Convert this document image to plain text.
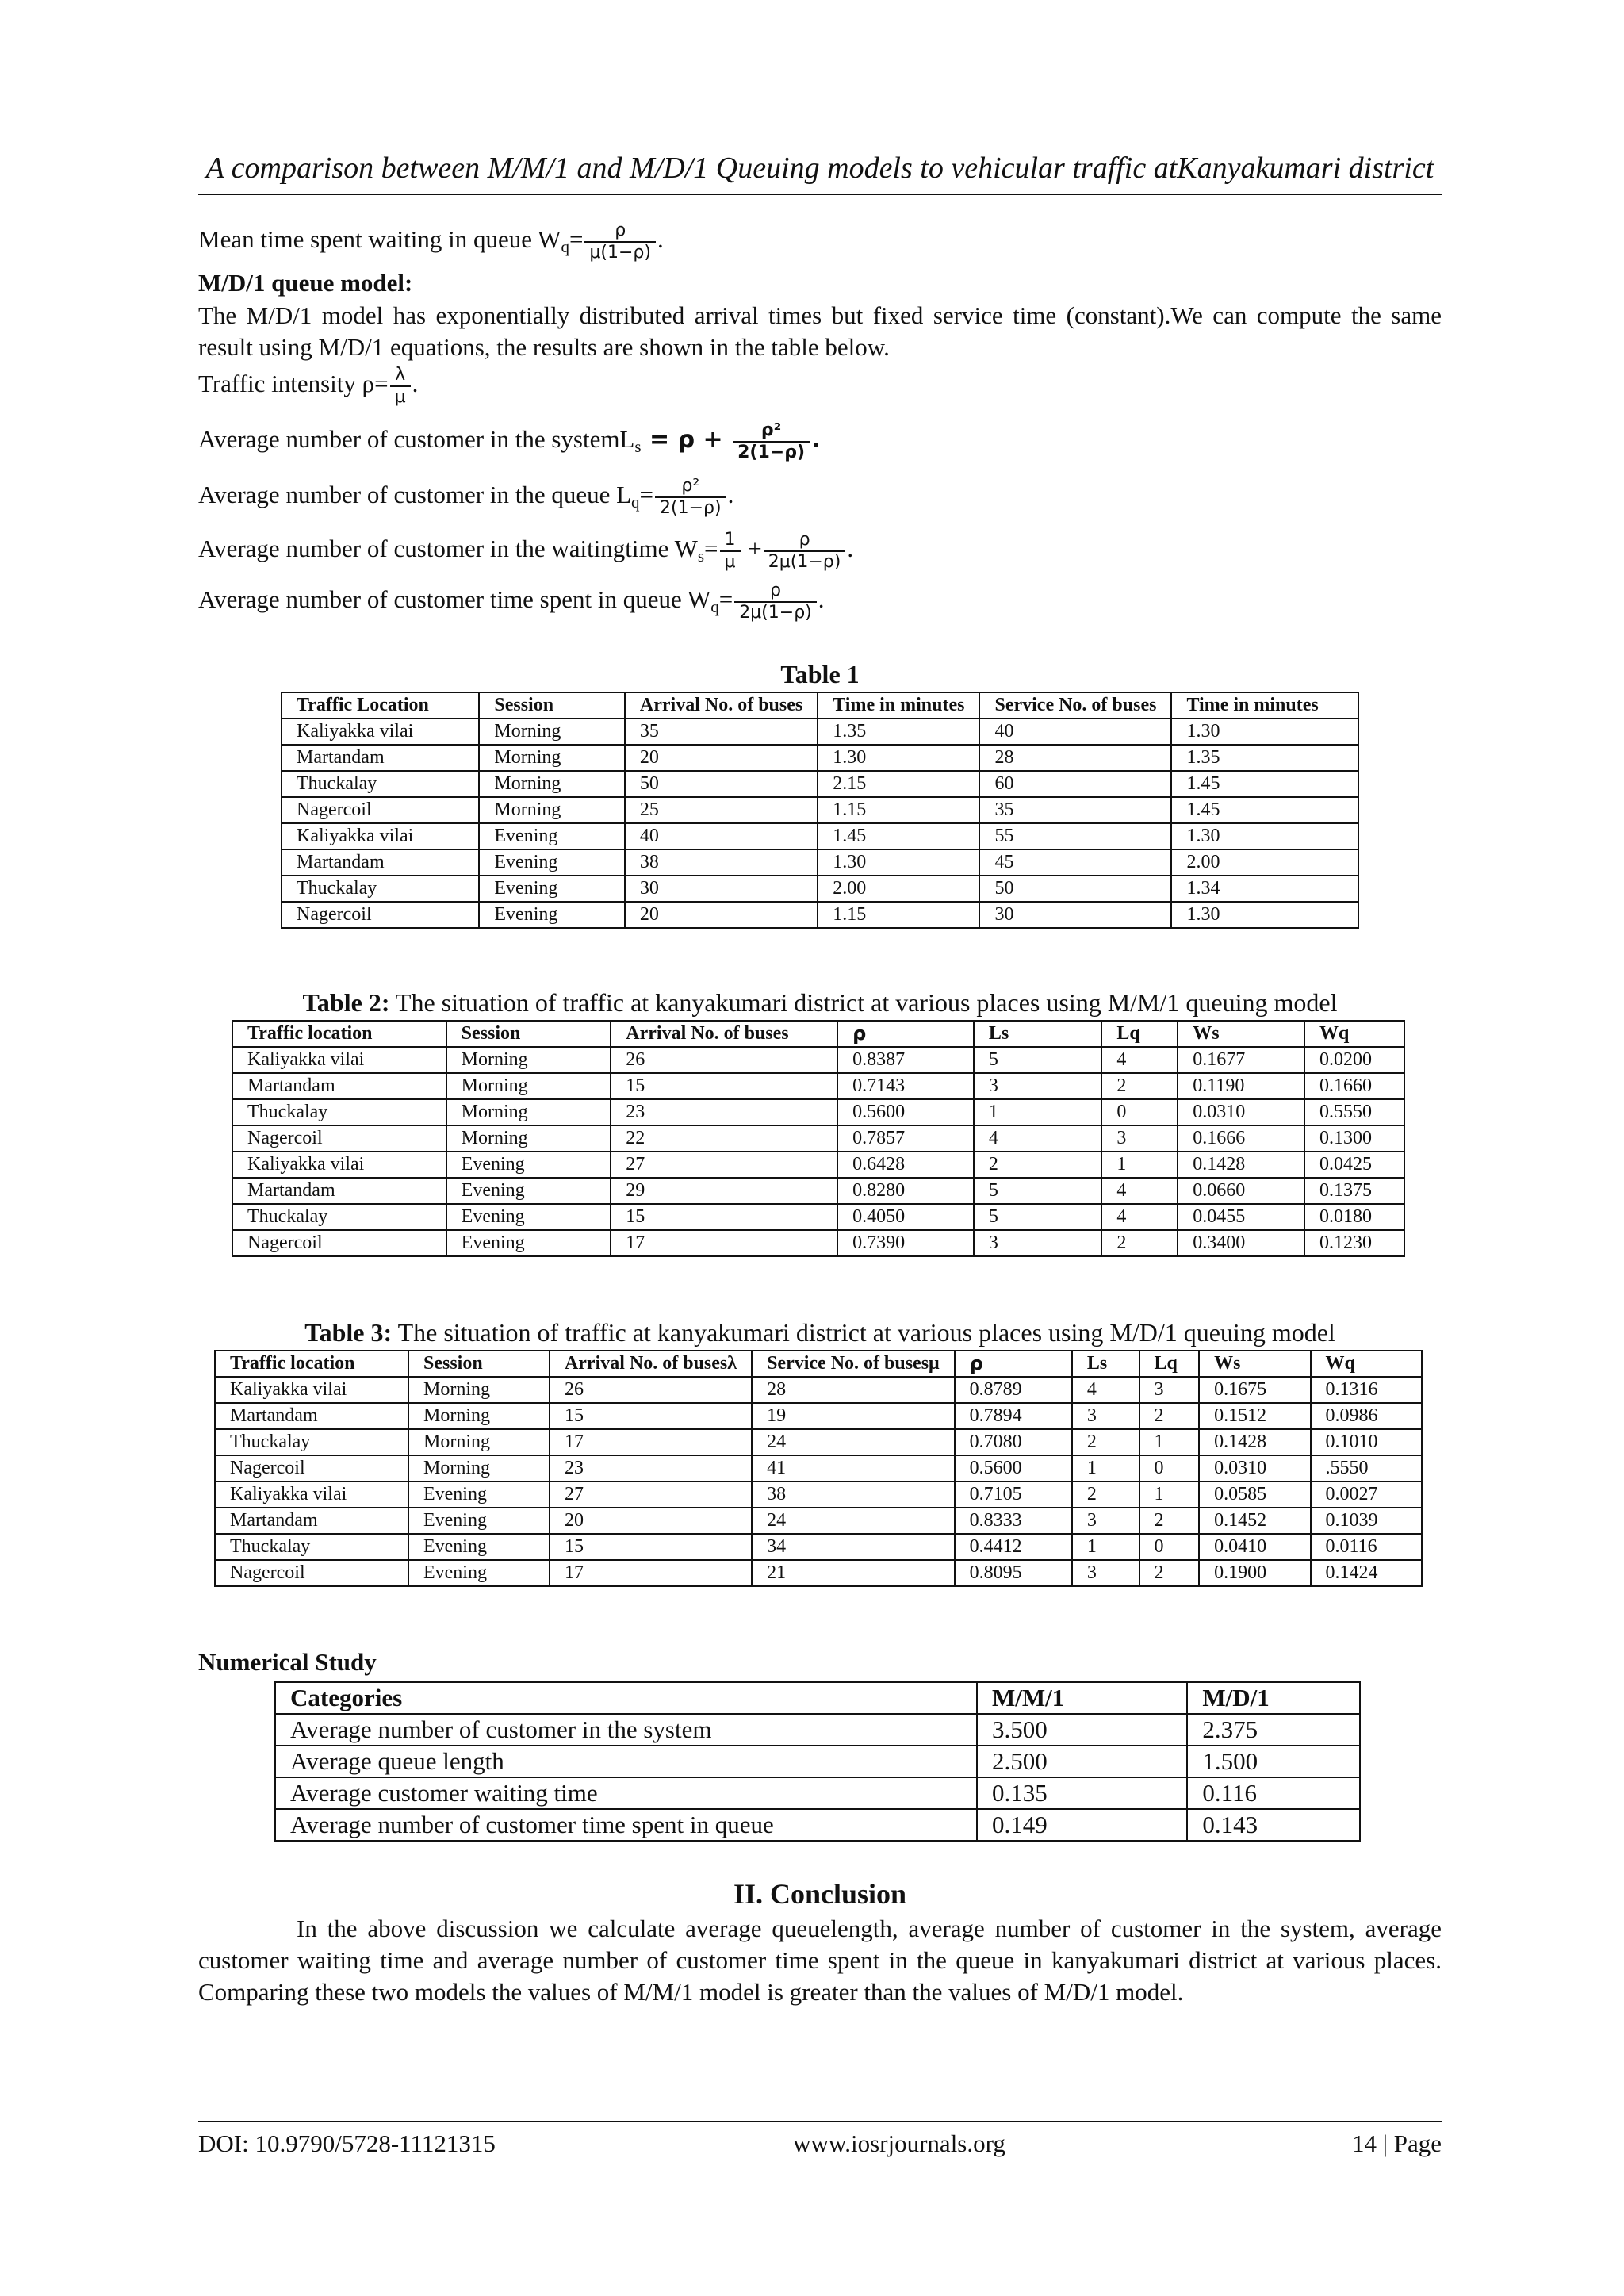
A comparison between M/M/1 and M/D/1 Queuing models to vehicular traffic atKanyakumari district
Mean time spent waiting in queue $W_q= \frac{\rho}{\mu(1-\rho)}$ .
M/D/1 queue model:
The M/D/1 model has exponentially distributed arrival times but fixed service time (constant).We can compute the same result using M/D/1 equations, the results are shown in the table below.
Traffic intensity $\rho= \frac{\lambda}{\mu}$ .
Average number of customer in the systemL$_s$ = $\rho + \frac{\text{ρ²}}{2(1-\rho)}$ .
Average number of customer in the queue $L_q= \frac{\text{ρ²}}{2(1-\rho)}$ .
Average number of customer in the waitingtime $W_s= \frac{1}{\mu} + \frac{\rho}{2\mu(1-\rho)}$ .
Average number of customer time spent in queue $W_q= \frac{\rho}{2\mu(1-\rho)}$ .
Table 1
Traffic Location	Session	Arrival No. of buses	Time in minutes	Service No. of buses	Time in minutes
Kaliyakka vilai	Morning	35	1.35	40	1.30
Martandam	Morning	20	1.30	28	1.35
Thuckalay	Morning	50	2.15	60	1.45
Nagercoil	Morning	25	1.15	35	1.45
Kaliyakka vilai	Evening	40	1.45	55	1.30
Martandam	Evening	38	1.30	45	2.00
Thuckalay	Evening	30	2.00	50	1.34
Nagercoil	Evening	20	1.15	30	1.30
Table 2: The situation of traffic at kanyakumari district at various places using M/M/1 queuing model
Traffic location	Session	Arrival No. of buses	ρ	Ls	Lq	Ws	Wq
Kaliyakka vilai	Morning	26	0.8387	5	4	0.1677	0.0200
Martandam	Morning	15	0.7143	3	2	0.1190	0.1660
Thuckalay	Morning	23	0.5600	1	0	0.0310	0.5550
Nagercoil	Morning	22	0.7857	4	3	0.1666	0.1300
Kaliyakka vilai	Evening	27	0.6428	2	1	0.1428	0.0425
Martandam	Evening	29	0.8280	5	4	0.0660	0.1375
Thuckalay	Evening	15	0.4050	5	4	0.0455	0.0180
Nagercoil	Evening	17	0.7390	3	2	0.3400	0.1230
Table 3: The situation of traffic at kanyakumari district at various places using M/D/1 queuing model
Traffic location	Session	Arrival No. of busesλ	Service No. of busesμ	ρ	Ls	Lq	Ws	Wq
Kaliyakka vilai	Morning	26	28	0.8789	4	3	0.1675	0.1316
Martandam	Morning	15	19	0.7894	3	2	0.1512	0.0986
Thuckalay	Morning	17	24	0.7080	2	1	0.1428	0.1010
Nagercoil	Morning	23	41	0.5600	1	0	0.0310	.5550
Kaliyakka vilai	Evening	27	38	0.7105	2	1	0.0585	0.0027
Martandam	Evening	20	24	0.8333	3	2	0.1452	0.1039
Thuckalay	Evening	15	34	0.4412	1	0	0.0410	0.0116
Nagercoil	Evening	17	21	0.8095	3	2	0.1900	0.1424
Numerical Study
Categories	M/M/1	M/D/1
Average number of customer in the system	3.500	2.375
Average queue length	2.500	1.500
Average customer waiting time	0.135	0.116
Average number of customer time spent in queue	0.149	0.143
II. Conclusion
In the above discussion we calculate average queuelength, average number of customer in the system, average customer waiting time and average number of customer time spent in the queue in kanyakumari district at various places. Comparing these two models the values of M/M/1 model is greater than the values of M/D/1 model.
DOI: 10.9790/5728-11121315	www.iosrjournals.org	14 | Page
